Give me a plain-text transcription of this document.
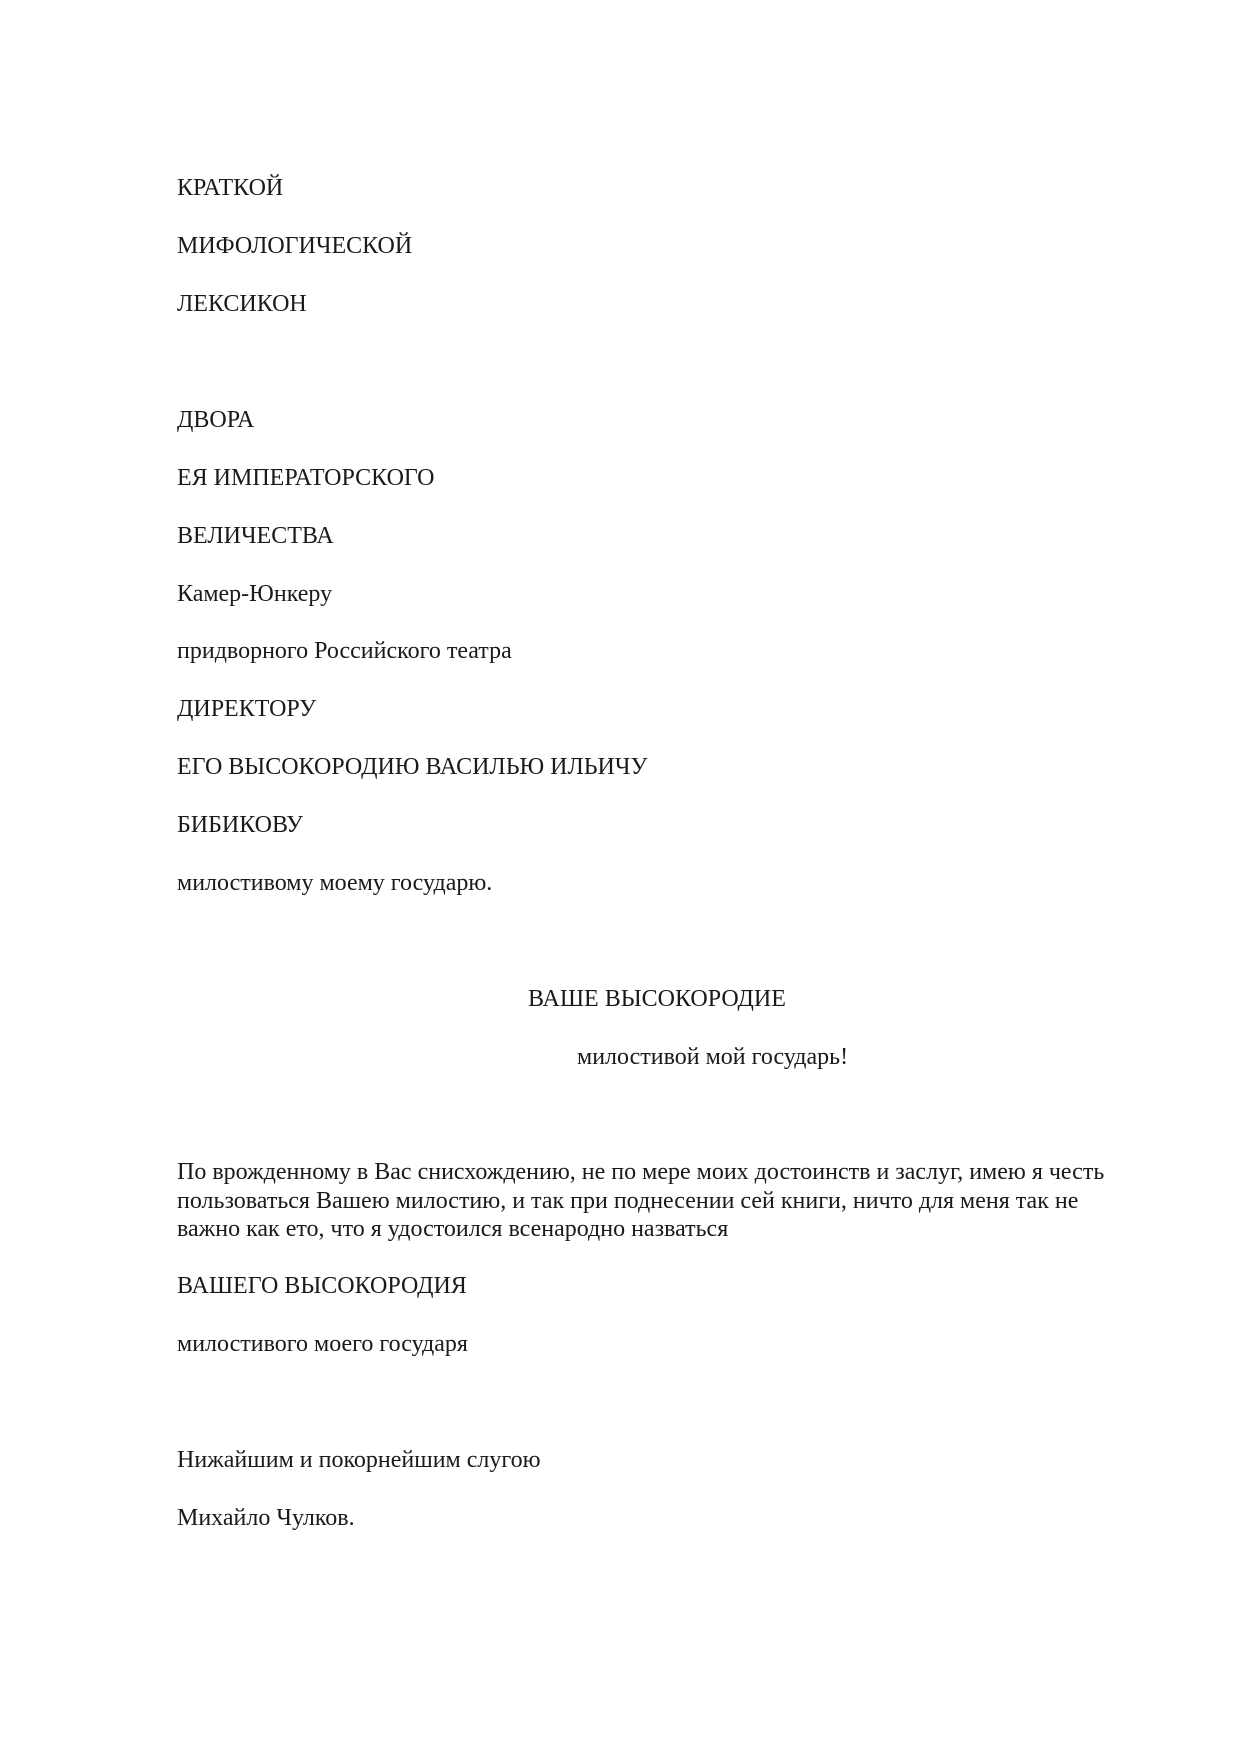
КРАТКОЙ

МИФОЛОГИЧЕСКОЙ

ЛЕКСИКОН

ДВОРА

ЕЯ ИМПЕРАТОРСКОГО

ВЕЛИЧЕСТВА

Камер-Юнкеру

придворного Российского театра

ДИРЕКТОРУ

ЕГО ВЫСОКОРОДИЮ ВАСИЛЬЮ ИЛЬИЧУ

БИБИКОВУ

милостивому моему государю.

ВАШЕ ВЫСОКОРОДИЕ

милостивой мой государь!

По врожденному в Вас снисхождению, не по мере моих достоинств и заслуг, имею я честь
пользоваться Вашею милостию, и так при поднесении сей книги, ничто для меня так не
важно как ето, что я удостоился всенародно назваться

ВАШЕГО ВЫСОКОРОДИЯ

милостивого моего государя

Нижайшим и покорнейшим слугою

Михайло Чулков.
